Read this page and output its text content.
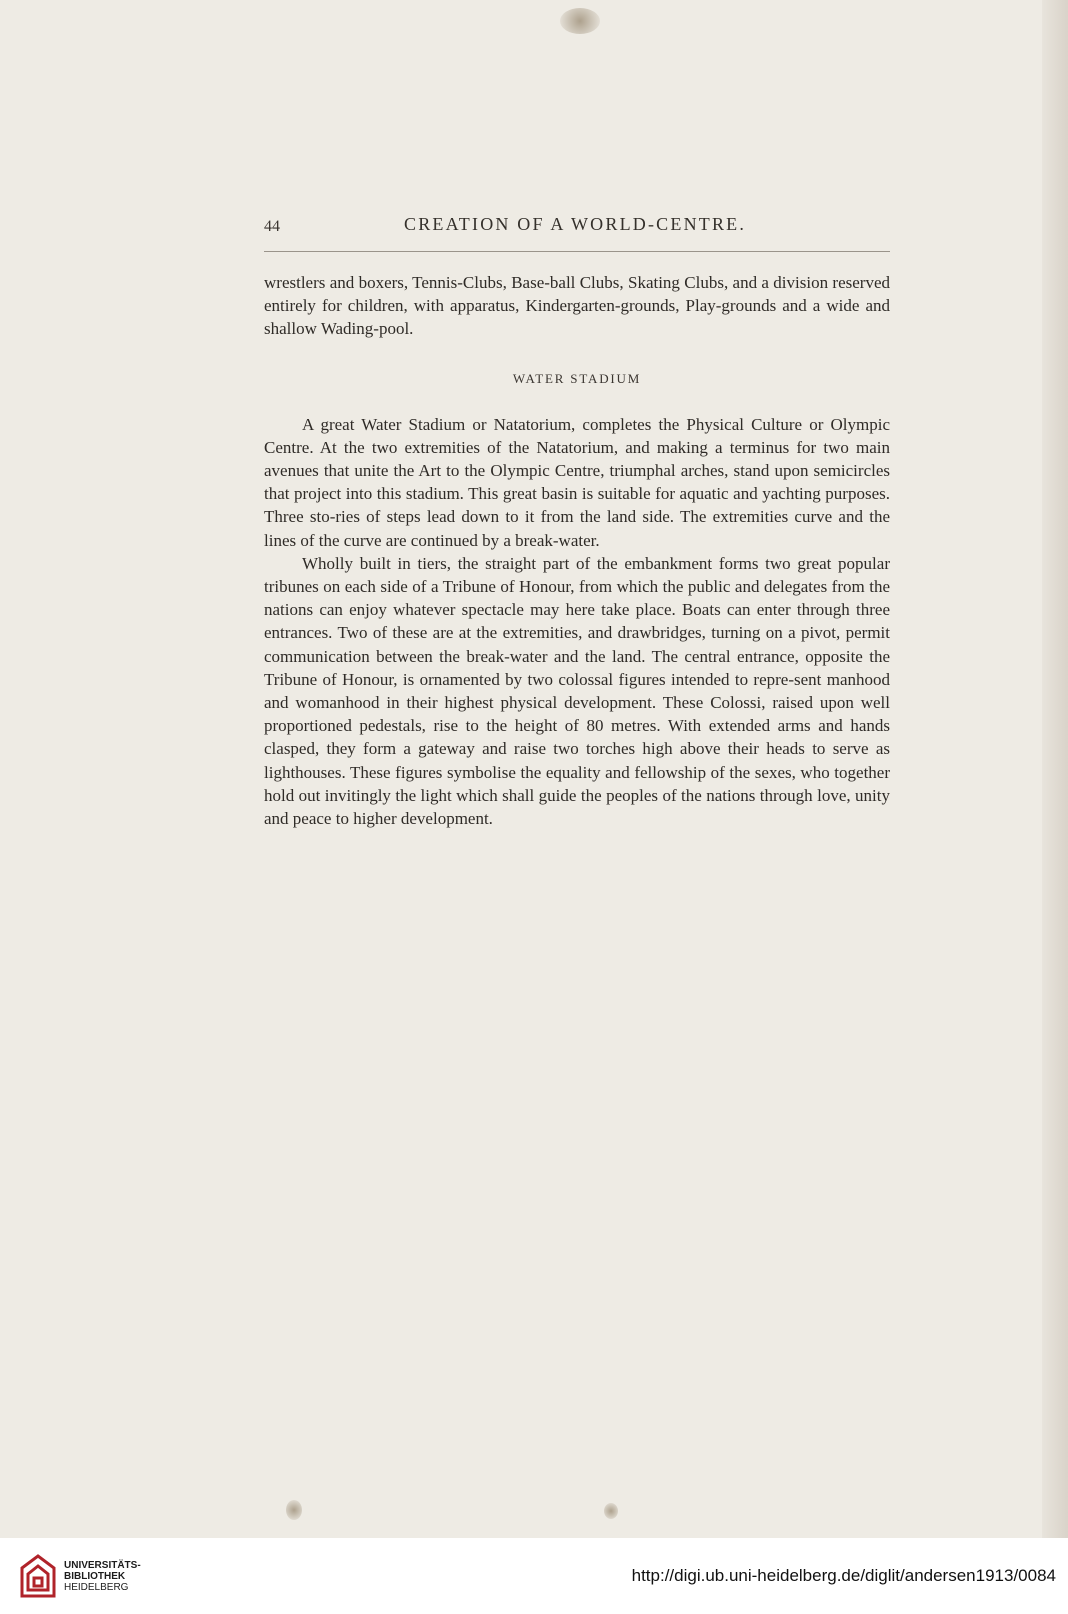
44	CREATION OF A WORLD-CENTRE.

wrestlers and boxers, Tennis-Clubs, Base-ball Clubs, Skating Clubs, and a division reserved entirely for children, with apparatus, Kindergarten-grounds, Play-grounds and a wide and shallow Wading-pool.

WATER STADIUM

A great Water Stadium or Natatorium, completes the Physical Culture or Olympic Centre. At the two extremities of the Natatorium, and making a terminus for two main avenues that unite the Art to the Olympic Centre, triumphal arches, stand upon semicircles that project into this stadium. This great basin is suitable for aquatic and yachting purposes. Three sto-ries of steps lead down to it from the land side. The extremities curve and the lines of the curve are continued by a break-water.

Wholly built in tiers, the straight part of the embankment forms two great popular tribunes on each side of a Tribune of Honour, from which the public and delegates from the nations can enjoy whatever spectacle may here take place. Boats can enter through three entrances. Two of these are at the extremities, and drawbridges, turning on a pivot, permit communication between the break-water and the land. The central entrance, opposite the Tribune of Honour, is ornamented by two colossal figures intended to repre-sent manhood and womanhood in their highest physical development. These Colossi, raised upon well proportioned pedestals, rise to the height of 80 metres. With extended arms and hands clasped, they form a gateway and raise two torches high above their heads to serve as lighthouses. These figures symbolise the equality and fellowship of the sexes, who together hold out invitingly the light which shall guide the peoples of the nations through love, unity and peace to higher development.

UNIVERSITÄTS-
BIBLIOTHEK
HEIDELBERG
http://digi.ub.uni-heidelberg.de/diglit/andersen1913/0084
